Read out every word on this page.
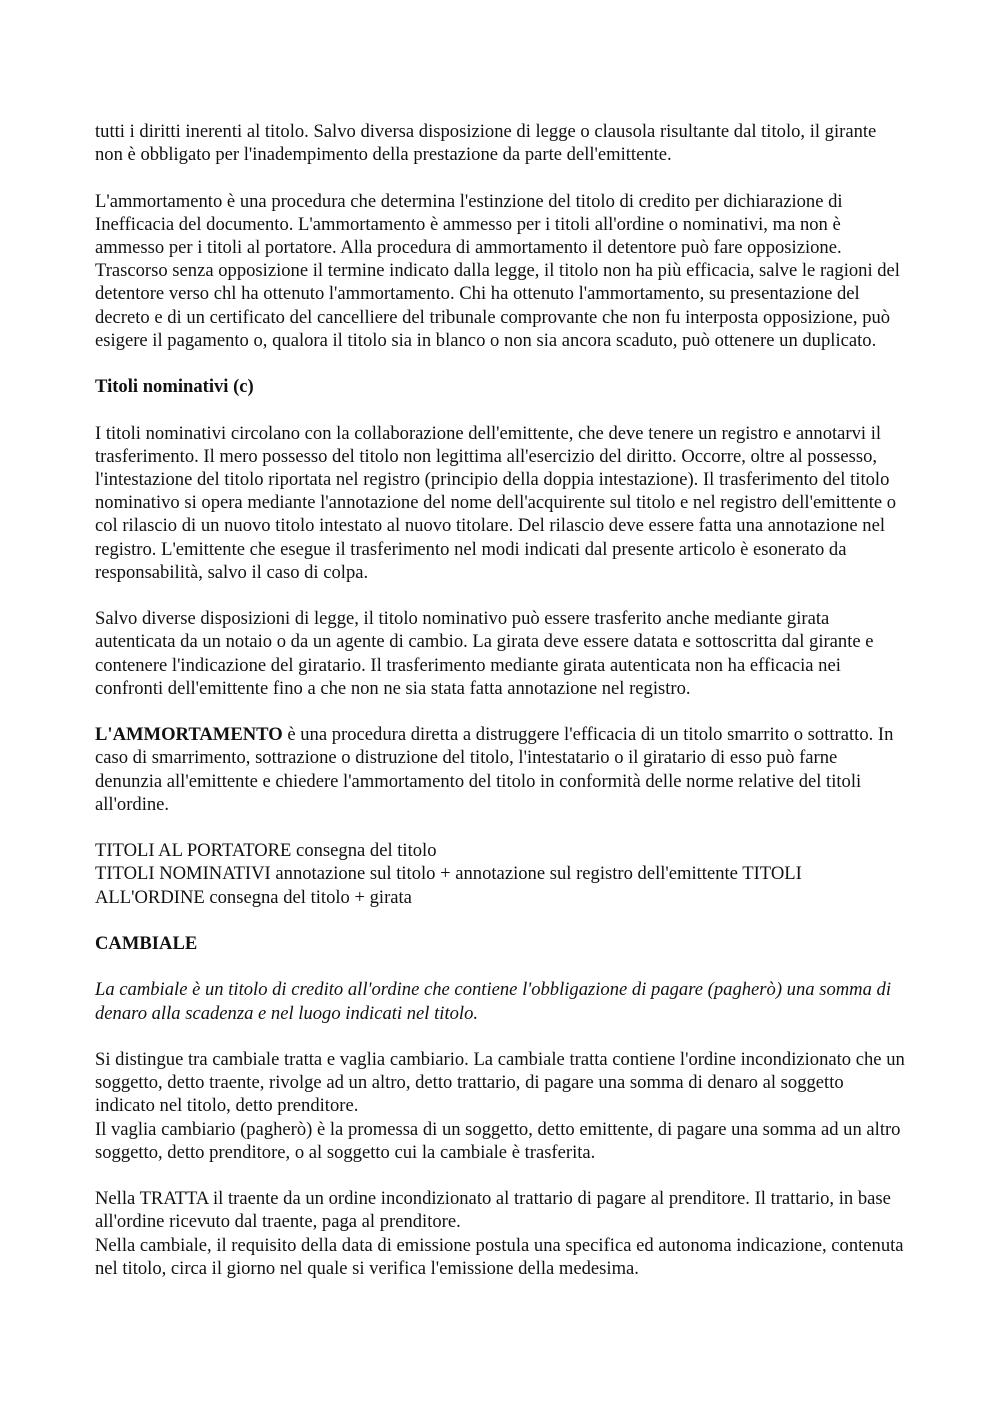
tutti i diritti inerenti al titolo. Salvo diversa disposizione di legge o clausola risultante dal titolo, il girante non è obbligato per l'inadempimento della prestazione da parte dell'emittente.

L'ammortamento è una procedura che determina l'estinzione del titolo di credito per dichiarazione di Inefficacia del documento. L'ammortamento è ammesso per i titoli all'ordine o nominativi, ma non è ammesso per i titoli al portatore. Alla procedura di ammortamento il detentore può fare opposizione. Trascorso senza opposizione il termine indicato dalla legge, il titolo non ha più efficacia, salve le ragioni del detentore verso chl ha ottenuto l'ammortamento. Chi ha ottenuto l'ammortamento, su presentazione del decreto e di un certificato del cancelliere del tribunale comprovante che non fu interposta opposizione, può esigere il pagamento o, qualora il titolo sia in blanco o non sia ancora scaduto, può ottenere un duplicato.

Titoli nominativi (c)

I titoli nominativi circolano con la collaborazione dell'emittente, che deve tenere un registro e annotarvi il trasferimento. Il mero possesso del titolo non legittima all'esercizio del diritto. Occorre, oltre al possesso, l'intestazione del titolo riportata nel registro (principio della doppia intestazione). Il trasferimento del titolo nominativo si opera mediante l'annotazione del nome dell'acquirente sul titolo e nel registro dell'emittente o col rilascio di un nuovo titolo intestato al nuovo titolare. Del rilascio deve essere fatta una annotazione nel registro. L'emittente che esegue il trasferimento nel modi indicati dal presente articolo è esonerato da responsabilità, salvo il caso di colpa.

Salvo diverse disposizioni di legge, il titolo nominativo può essere trasferito anche mediante girata autenticata da un notaio o da un agente di cambio. La girata deve essere datata e sottoscritta dal girante e contenere l'indicazione del giratario. Il trasferimento mediante girata autenticata non ha efficacia nei confronti dell'emittente fino a che non ne sia stata fatta annotazione nel registro.

L'AMMORTAMENTO è una procedura diretta a distruggere l'efficacia di un titolo smarrito o sottratto. In caso di smarrimento, sottrazione o distruzione del titolo, l'intestatario o il giratario di esso può farne denunzia all'emittente e chiedere l'ammortamento del titolo in conformità delle norme relative del titoli all'ordine.

TITOLI AL PORTATORE consegna del titolo
TITOLI NOMINATIVI annotazione sul titolo + annotazione sul registro dell'emittente TITOLI ALL'ORDINE consegna del titolo + girata

CAMBIALE

La cambiale è un titolo di credito all'ordine che contiene l'obbligazione di pagare (pagherò) una somma di denaro alla scadenza e nel luogo indicati nel titolo.

Si distingue tra cambiale tratta e vaglia cambiario. La cambiale tratta contiene l'ordine incondizionato che un soggetto, detto traente, rivolge ad un altro, detto trattario, di pagare una somma di denaro al soggetto indicato nel titolo, detto prenditore.
Il vaglia cambiario (pagherò) è la promessa di un soggetto, detto emittente, di pagare una somma ad un altro soggetto, detto prenditore, o al soggetto cui la cambiale è trasferita.

Nella TRATTA il traente da un ordine incondizionato al trattario di pagare al prenditore. Il trattario, in base all'ordine ricevuto dal traente, paga al prenditore.
Nella cambiale, il requisito della data di emissione postula una specifica ed autonoma indicazione, contenuta nel titolo, circa il giorno nel quale si verifica l'emissione della medesima.
